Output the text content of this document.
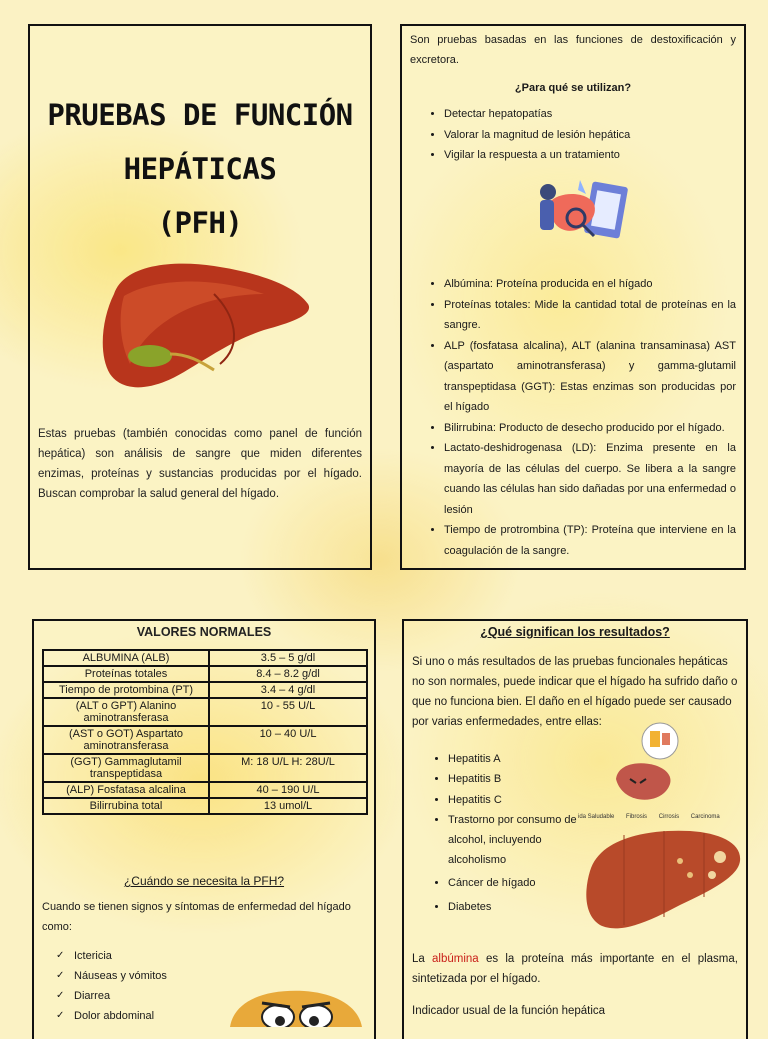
PRUEBAS DE FUNCIÓN
HEPÁTICAS
(PFH)
Estas pruebas (también conocidas como panel de función hepática) son análisis de sangre que miden diferentes enzimas, proteínas y sustancias producidas por el hígado. Buscan comprobar la salud general del hígado.
Son pruebas basadas en las funciones de destoxificación y excretora.
¿Para qué se utilizan?
• Detectar hepatopatías
• Valorar la magnitud de lesión hepática
• Vigilar la respuesta a un tratamiento
• Albúmina: Proteína producida en el hígado
• Proteínas totales: Mide la cantidad total de proteínas en la sangre.
• ALP (fosfatasa alcalina), ALT (alanina transaminasa) AST (aspartato aminotransferasa) y gamma-glutamil transpeptidasa (GGT): Estas enzimas son producidas por el hígado
• Bilirrubina: Producto de desecho producido por el hígado.
• Lactato-deshidrogenasa (LD): Enzima presente en la mayoría de las células del cuerpo. Se libera a la sangre cuando las células han sido dañadas por una enfermedad o lesión
• Tiempo de protrombina (TP): Proteína que interviene en la coagulación de la sangre.
VALORES NORMALES
ALBUMINA (ALB)	3.5 – 5 g/dl
Proteínas totales	8.4 – 8.2 g/dl
Tiempo de protombina (PT)	3.4 – 4 g/dl
(ALT o GPT) Alanino aminotransferasa	10 - 55 U/L
(AST o GOT) Aspartato aminotransferasa	10 – 40 U/L
(GGT) Gammaglutamil transpeptidasa	M: 18 U/L H: 28U/L
(ALP) Fosfatasa alcalina	40 – 190 U/L
Bilirrubina total	13 umol/L
¿Cuándo se necesita la PFH?
Cuando se tienen signos y síntomas de enfermedad del hígado como:
✓ Ictericia
✓ Náuseas y vómitos
✓ Diarrea
✓ Dolor abdominal
¿Qué significan los resultados?
Si uno o más resultados de las pruebas funcionales hepáticas no son normales, puede indicar que el hígado ha sufrido daño o que no funciona bien. El daño en el hígado puede ser causado por varias enfermedades, entre ellas:
• Hepatitis A
• Hepatitis B
• Hepatitis C
• Trastorno por consumo de alcohol, incluyendo alcoholismo
• Cáncer de hígado
• Diabetes
ida Saludable Fibrosis Cirrosis Carcinoma
La albúmina es la proteína más importante en el plasma, sintetizada por el hígado.
Indicador usual de la función hepática
